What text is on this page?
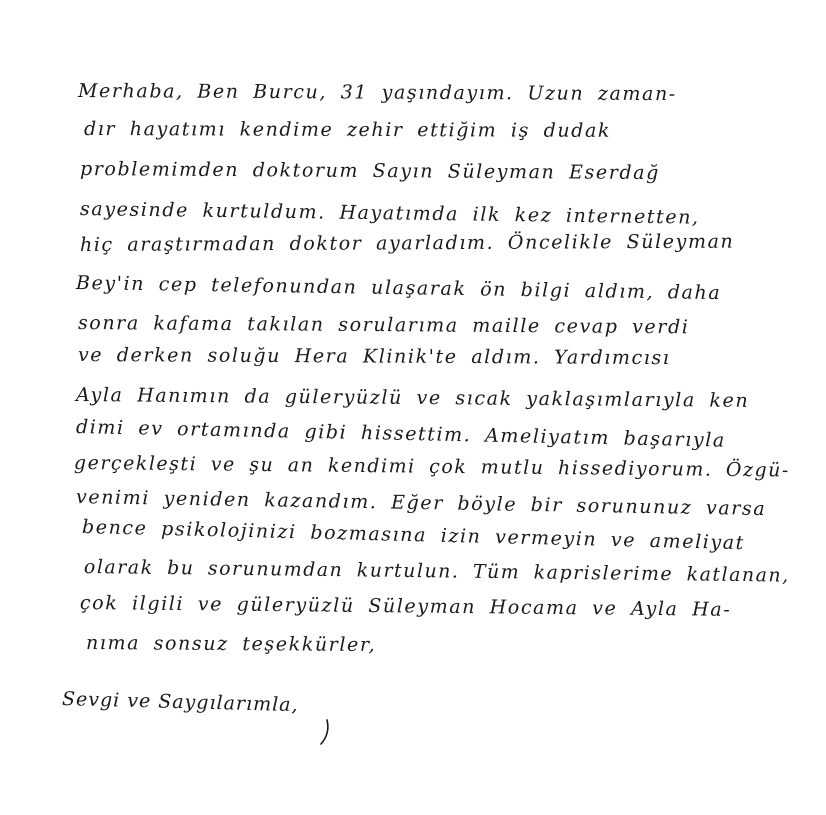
Merhaba, Ben Burcu, 31 yaşındayım. Uzun zaman-
dır hayatımı kendime zehir ettiğim iş dudak
problemimden doktorum Sayın Süleyman Eserdağ
sayesinde kurtuldum. Hayatımda ilk kez internetten,
hiç araştırmadan doktor ayarladım. Öncelikle Süleyman
Bey'in cep telefonundan ulaşarak ön bilgi aldım, daha
sonra kafama takılan sorularıma maille cevap verdi
ve derken soluğu Hera Klinik'te aldım. Yardımcısı
Ayla Hanımın da güleryüzlü ve sıcak yaklaşımlarıyla ken
dimi ev ortamında gibi hissettim. Ameliyatım başarıyla
gerçekleşti ve şu an kendimi çok mutlu hissediyorum. Özgü-
venimi yeniden kazandım. Eğer böyle bir sorununuz varsa
bence psikolojinizi bozmasına izin vermeyin ve ameliyat
olarak bu sorunumdan kurtulun. Tüm kaprislerime katlanan,
çok ilgili ve güleryüzlü Süleyman Hocama ve Ayla Ha-
nıma sonsuz teşekkürler,
Sevgi ve Saygılarımla,
